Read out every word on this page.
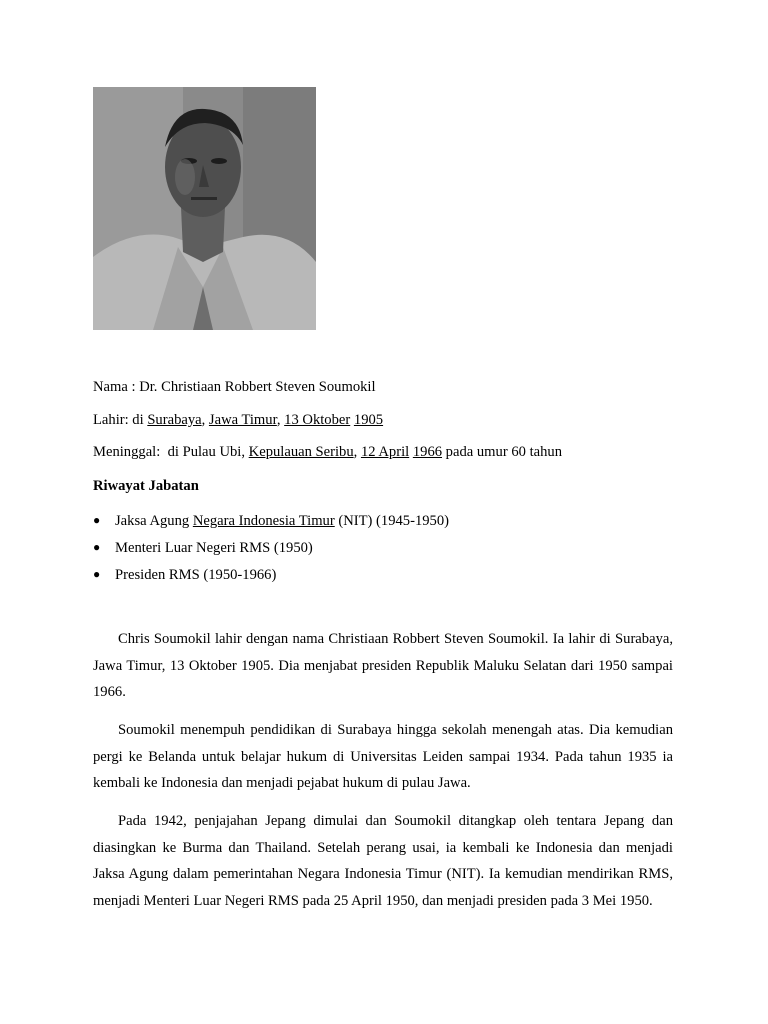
Nama : Dr. Christiaan Robbert Steven Soumokil
Lahir: di Surabaya, Jawa Timur, 13 Oktober 1905
Meninggal:  di Pulau Ubi, Kepulauan Seribu, 12 April 1966 pada umur 60 tahun
Riwayat Jabatan
● Jaksa Agung Negara Indonesia Timur (NIT) (1945-1950)
● Menteri Luar Negeri RMS (1950)
● Presiden RMS (1950-1966)

Chris Soumokil lahir dengan nama Christiaan Robbert Steven Soumokil. Ia lahir di Surabaya, Jawa Timur, 13 Oktober 1905. Dia menjabat presiden Republik Maluku Selatan dari 1950 sampai 1966.

Soumokil menempuh pendidikan di Surabaya hingga sekolah menengah atas. Dia kemudian pergi ke Belanda untuk belajar hukum di Universitas Leiden sampai 1934. Pada tahun 1935 ia kembali ke Indonesia dan menjadi pejabat hukum di pulau Jawa.

Pada 1942, penjajahan Jepang dimulai dan Soumokil ditangkap oleh tentara Jepang dan diasingkan ke Burma dan Thailand. Setelah perang usai, ia kembali ke Indonesia dan menjadi Jaksa Agung dalam pemerintahan Negara Indonesia Timur (NIT). Ia kemudian mendirikan RMS, menjadi Menteri Luar Negeri RMS pada 25 April 1950, dan menjadi presiden pada 3 Mei 1950.
